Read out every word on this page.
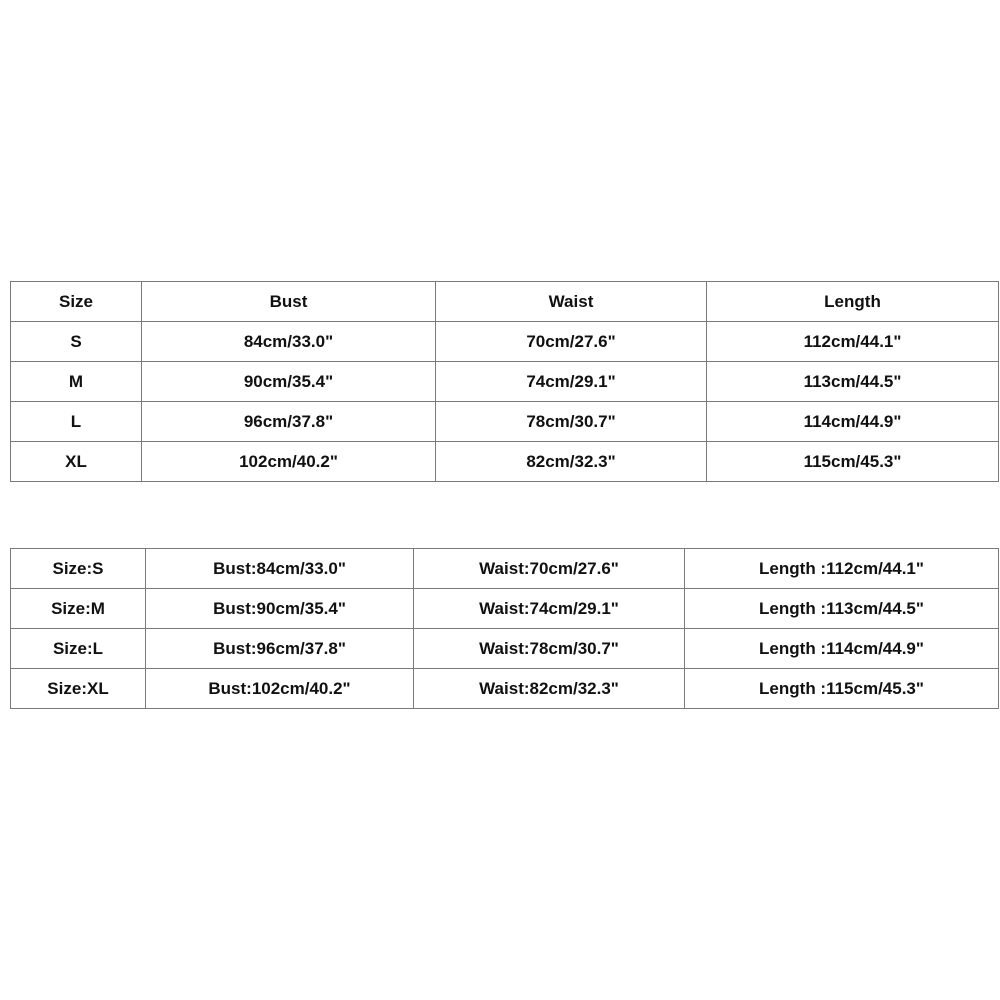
Size	Bust	Waist	Length
S	84cm/33.0"	70cm/27.6"	112cm/44.1"
M	90cm/35.4"	74cm/29.1"	113cm/44.5"
L	96cm/37.8"	78cm/30.7"	114cm/44.9"
XL	102cm/40.2"	82cm/32.3"	115cm/45.3"
Size:S	Bust:84cm/33.0"	Waist:70cm/27.6"	Length :112cm/44.1"
Size:M	Bust:90cm/35.4"	Waist:74cm/29.1"	Length :113cm/44.5"
Size:L	Bust:96cm/37.8"	Waist:78cm/30.7"	Length :114cm/44.9"
Size:XL	Bust:102cm/40.2"	Waist:82cm/32.3"	Length :115cm/45.3"
